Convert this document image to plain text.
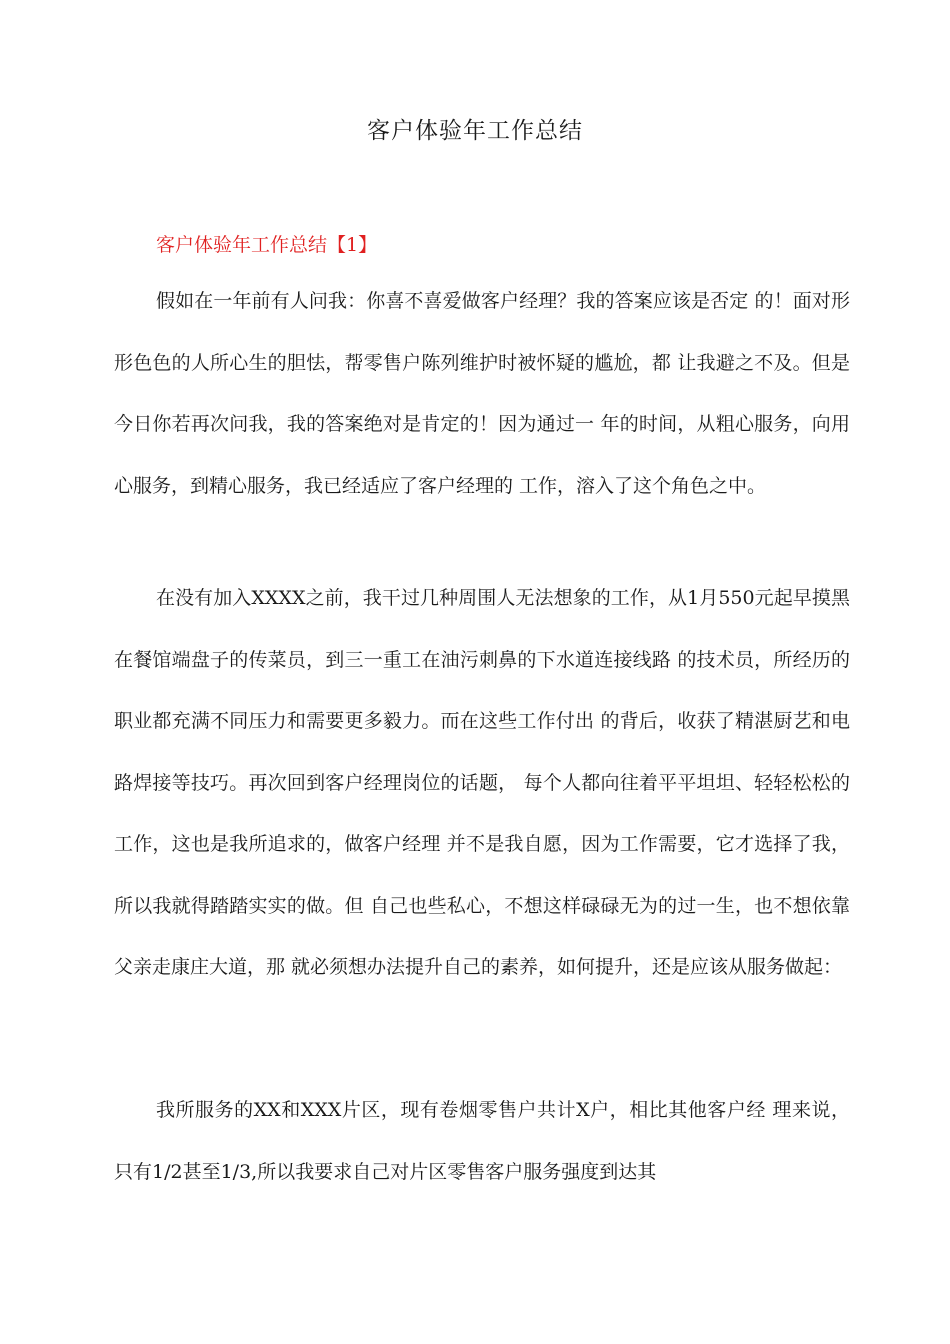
客户体验年工作总结
客户体验年工作总结【1】

假如在一年前有人问我：你喜不喜爱做客户经理？我的答案应该是否定 的！面对形形色色的人所心生的胆怯，帮零售户陈列维护时被怀疑的尴尬，都 让我避之不及。但是今日你若再次问我，我的答案绝对是肯定的！因为通过一 年的时间，从粗心服务，向用心服务，到精心服务，我已经适应了客户经理的 工作，溶入了这个角色之中。

在没有加入XXXX之前，我干过几种周围人无法想象的工作，从1月550元起早摸黑在餐馆端盘子的传菜员，到三一重工在油污刺鼻的下水道连接线路 的技术员，所经历的职业都充满不同压力和需要更多毅力。而在这些工作付出 的背后，收获了精湛厨艺和电路焊接等技巧。再次回到客户经理岗位的话题， 每个人都向往着平平坦坦、轻轻松松的工作，这也是我所追求的，做客户经理 并不是我自愿，因为工作需要，它才选择了我，所以我就得踏踏实实的做。但 自己也些私心，不想这样碌碌无为的过一生，也不想依靠父亲走康庄大道，那 就必须想办法提升自己的素养，如何提升，还是应该从服务做起：

我所服务的XX和XXX片区，现有卷烟零售户共计X户，相比其他客户经 理来说，只有1/2甚至1/3,所以我要求自己对片区零售客户服务强度到达其
